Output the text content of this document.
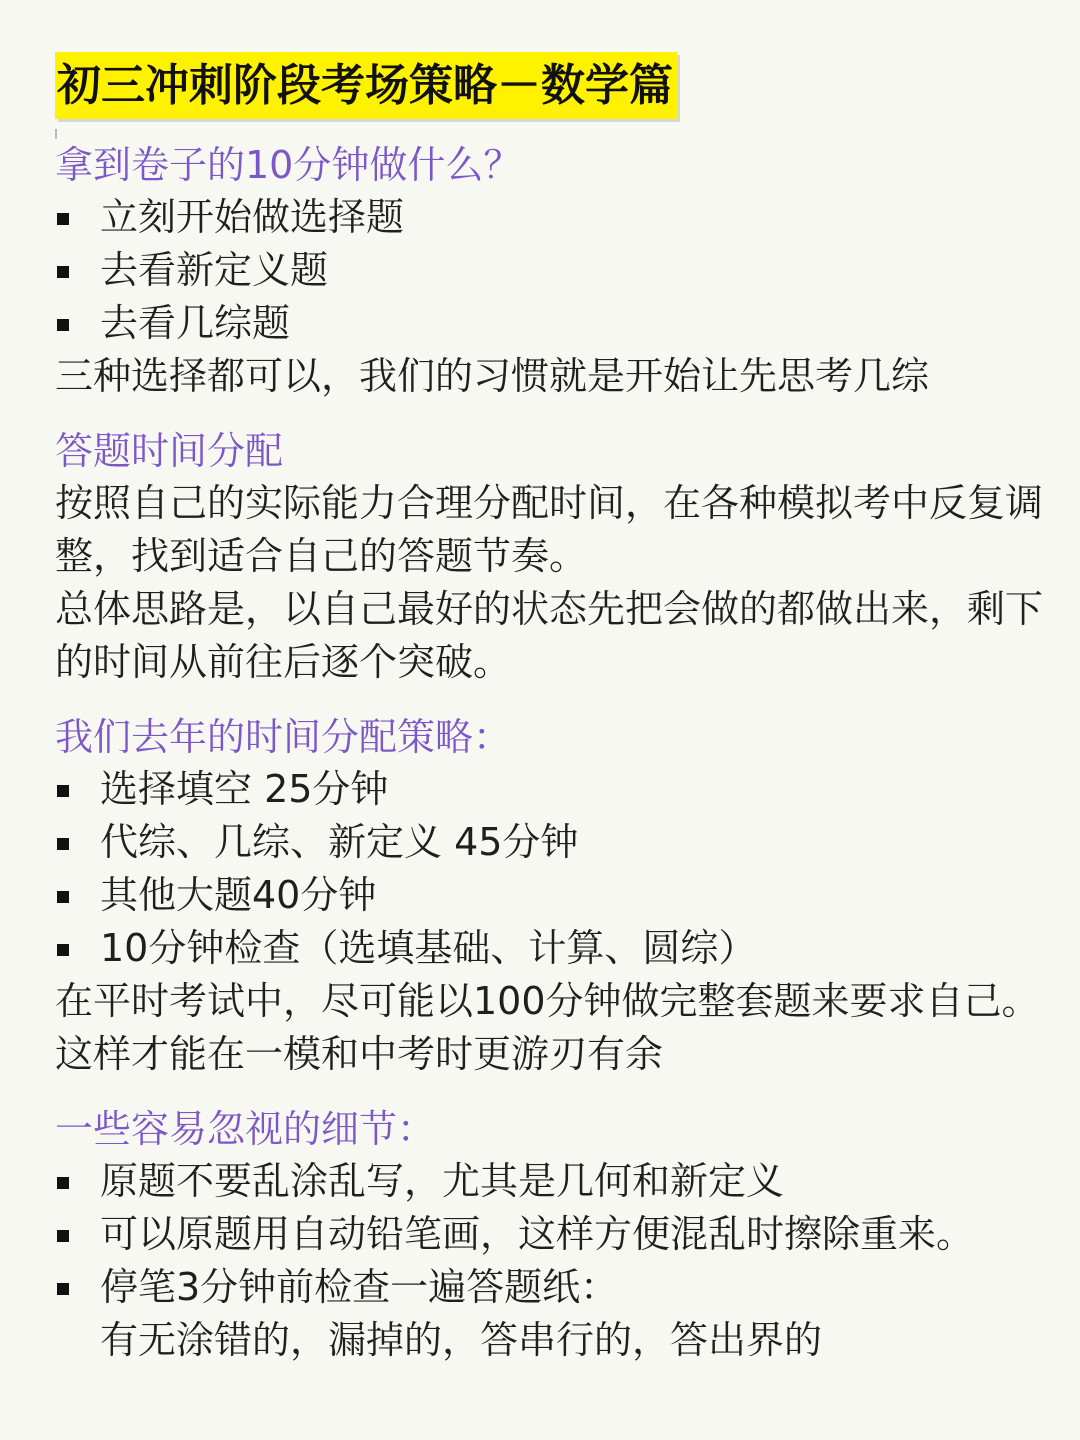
初三冲刺阶段考场策略－数学篇
拿到卷子的10分钟做什么？
立刻开始做选择题
去看新定义题
去看几综题
三种选择都可以，我们的习惯就是开始让先思考几综
答题时间分配
按照自己的实际能力合理分配时间，在各种模拟考中反复调整，找到适合自己的答题节奏。
总体思路是，以自己最好的状态先把会做的都做出来，剩下的时间从前往后逐个突破。
我们去年的时间分配策略：
选择填空 25分钟
代综、几综、新定义 45分钟
其他大题40分钟
10分钟检查（选填基础、计算、圆综）
在平时考试中，尽可能以100分钟做完整套题来要求自己。
这样才能在一模和中考时更游刃有余
一些容易忽视的细节：
原题不要乱涂乱写，尤其是几何和新定义
可以原题用自动铅笔画，这样方便混乱时擦除重来。
停笔3分钟前检查一遍答题纸：
有无涂错的，漏掉的，答串行的，答出界的
